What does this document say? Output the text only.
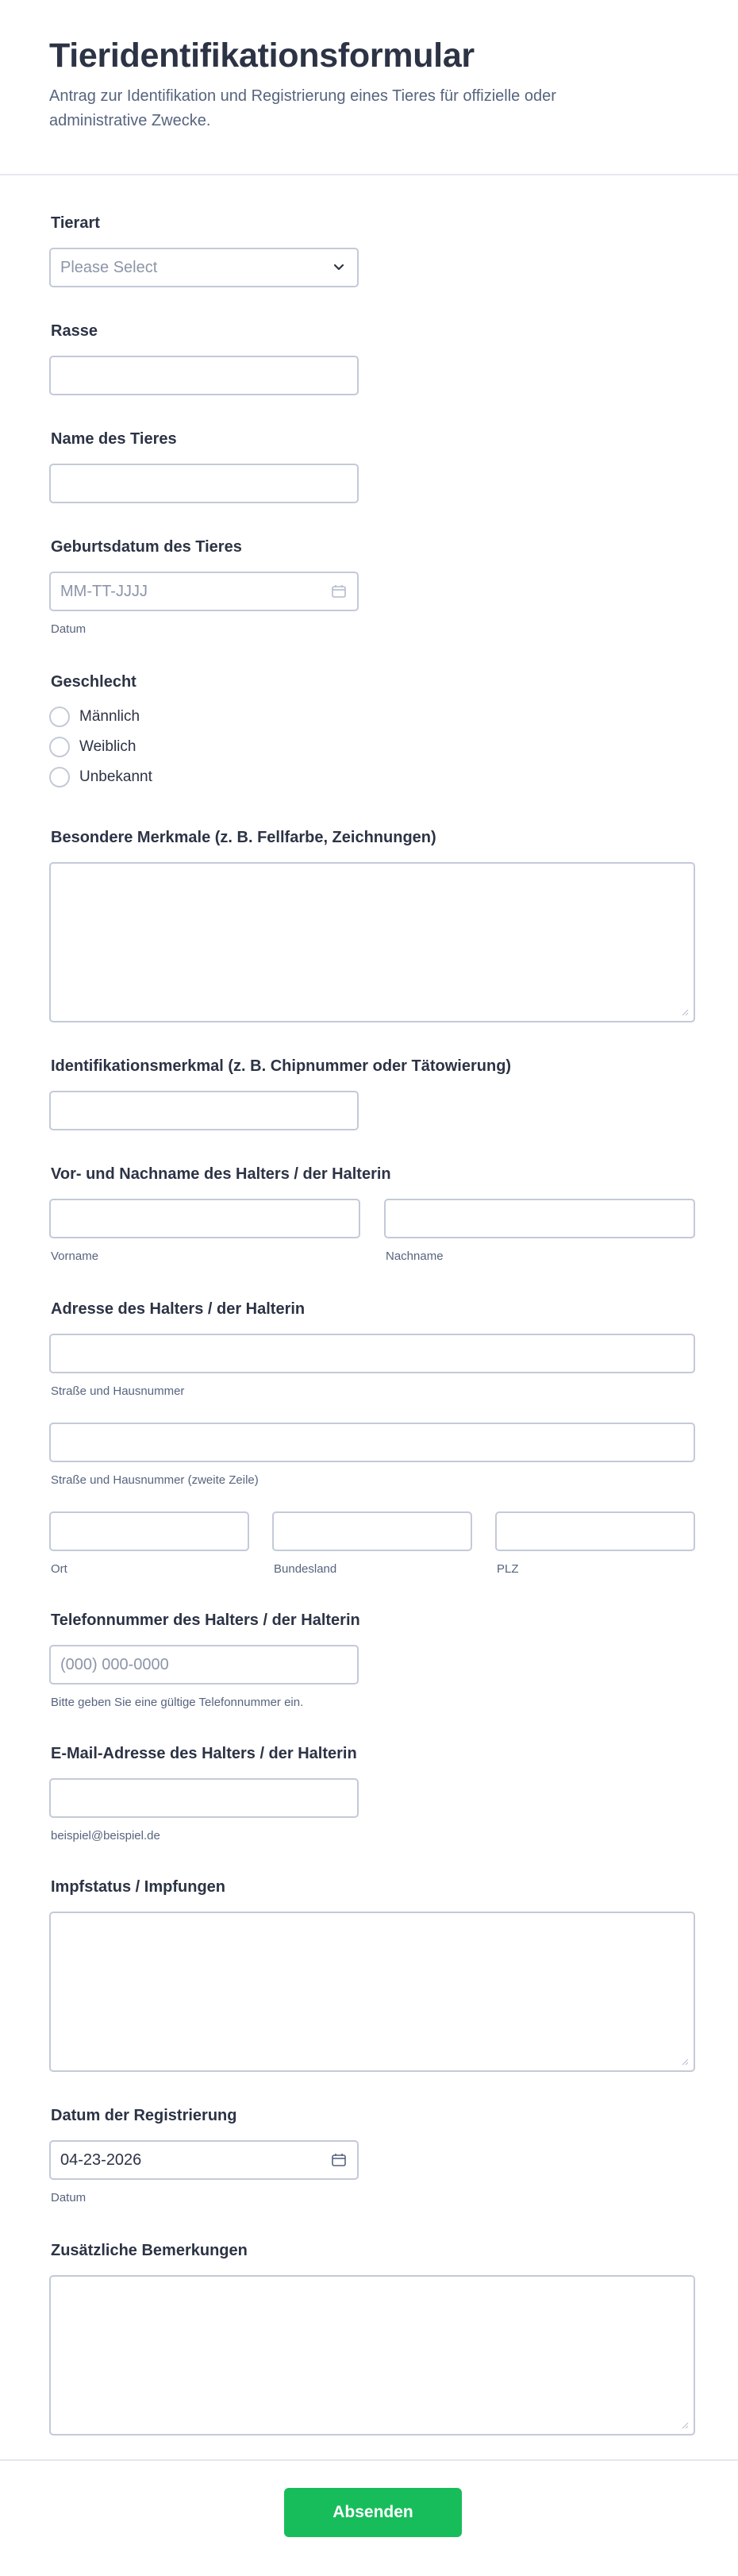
Tieridentifikationsformular
Antrag zur Identifikation und Registrierung eines Tieres für offizielle oder administrative Zwecke.
Tierart
Please Select
Rasse
Name des Tieres
Geburtsdatum des Tieres
MM-TT-JJJJ
Datum
Geschlecht
Männlich
Weiblich
Unbekannt
Besondere Merkmale (z. B. Fellfarbe, Zeichnungen)
Identifikationsmerkmal (z. B. Chipnummer oder Tätowierung)
Vor- und Nachname des Halters / der Halterin
Vorname	Nachname
Adresse des Halters / der Halterin
Straße und Hausnummer
Straße und Hausnummer (zweite Zeile)
Ort	Bundesland	PLZ
Telefonnummer des Halters / der Halterin
(000) 000-0000
Bitte geben Sie eine gültige Telefonnummer ein.
E-Mail-Adresse des Halters / der Halterin
beispiel@beispiel.de
Impfstatus / Impfungen
Datum der Registrierung
04-23-2026
Datum
Zusätzliche Bemerkungen
Absenden
